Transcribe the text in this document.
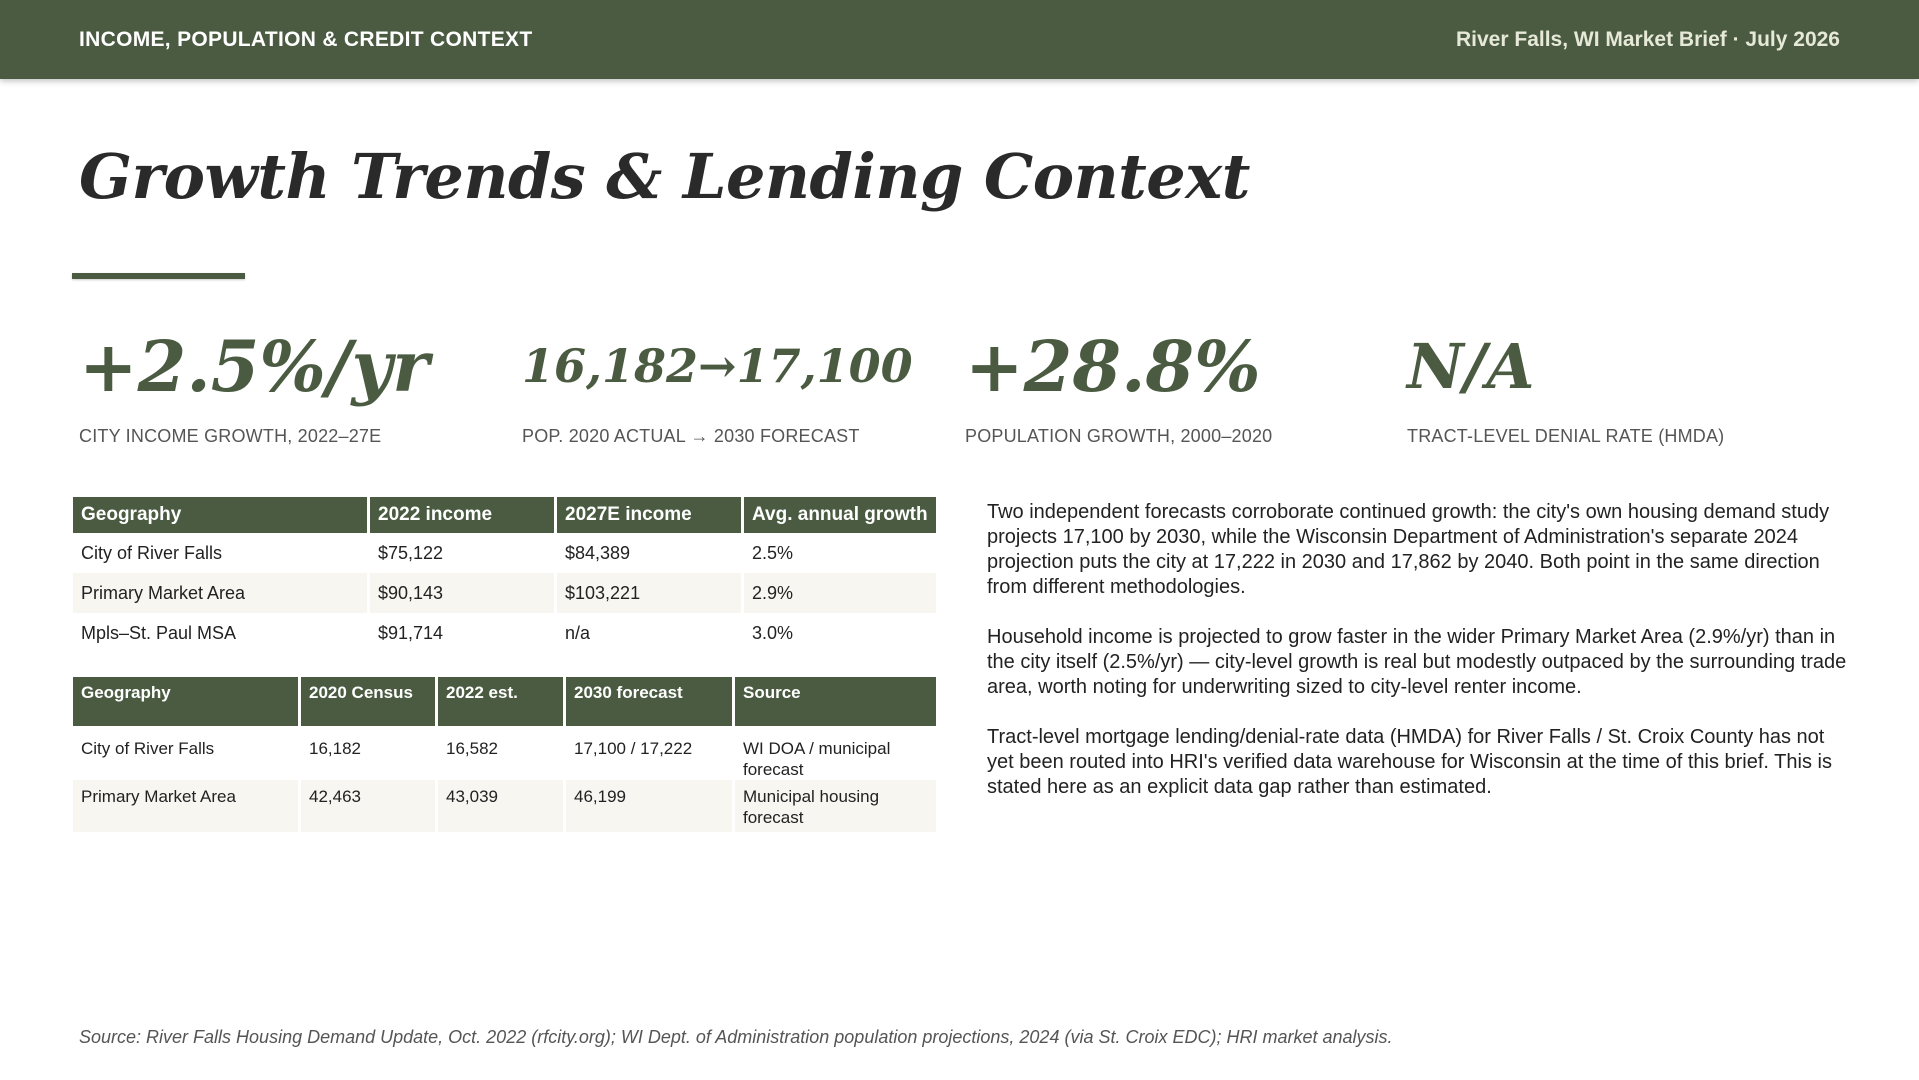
INCOME, POPULATION & CREDIT CONTEXT	River Falls, WI Market Brief · July 2026
Growth Trends & Lending Context
+2.5%/yr
CITY INCOME GROWTH, 2022–27E
16,182→17,100
POP. 2020 ACTUAL → 2030 FORECAST
+28.8%
POPULATION GROWTH, 2000–2020
N/A
TRACT-LEVEL DENIAL RATE (HMDA)
Geography	2022 income	2027E income	Avg. annual growth
City of River Falls	$75,122	$84,389	2.5%
Primary Market Area	$90,143	$103,221	2.9%
Mpls–St. Paul MSA	$91,714	n/a	3.0%
Geography	2020 Census	2022 est.	2030 forecast	Source
City of River Falls	16,182	16,582	17,100 / 17,222	WI DOA / municipal forecast
Primary Market Area	42,463	43,039	46,199	Municipal housing forecast

Two independent forecasts corroborate continued growth: the city's own housing demand study projects 17,100 by 2030, while the Wisconsin Department of Administration's separate 2024 projection puts the city at 17,222 in 2030 and 17,862 by 2040. Both point in the same direction from different methodologies.

Household income is projected to grow faster in the wider Primary Market Area (2.9%/yr) than in the city itself (2.5%/yr) — city-level growth is real but modestly outpaced by the surrounding trade area, worth noting for underwriting sized to city-level renter income.

Tract-level mortgage lending/denial-rate data (HMDA) for River Falls / St. Croix County has not yet been routed into HRI's verified data warehouse for Wisconsin at the time of this brief. This is stated here as an explicit data gap rather than estimated.

Source: River Falls Housing Demand Update, Oct. 2022 (rfcity.org); WI Dept. of Administration population projections, 2024 (via St. Croix EDC); HRI market analysis.
